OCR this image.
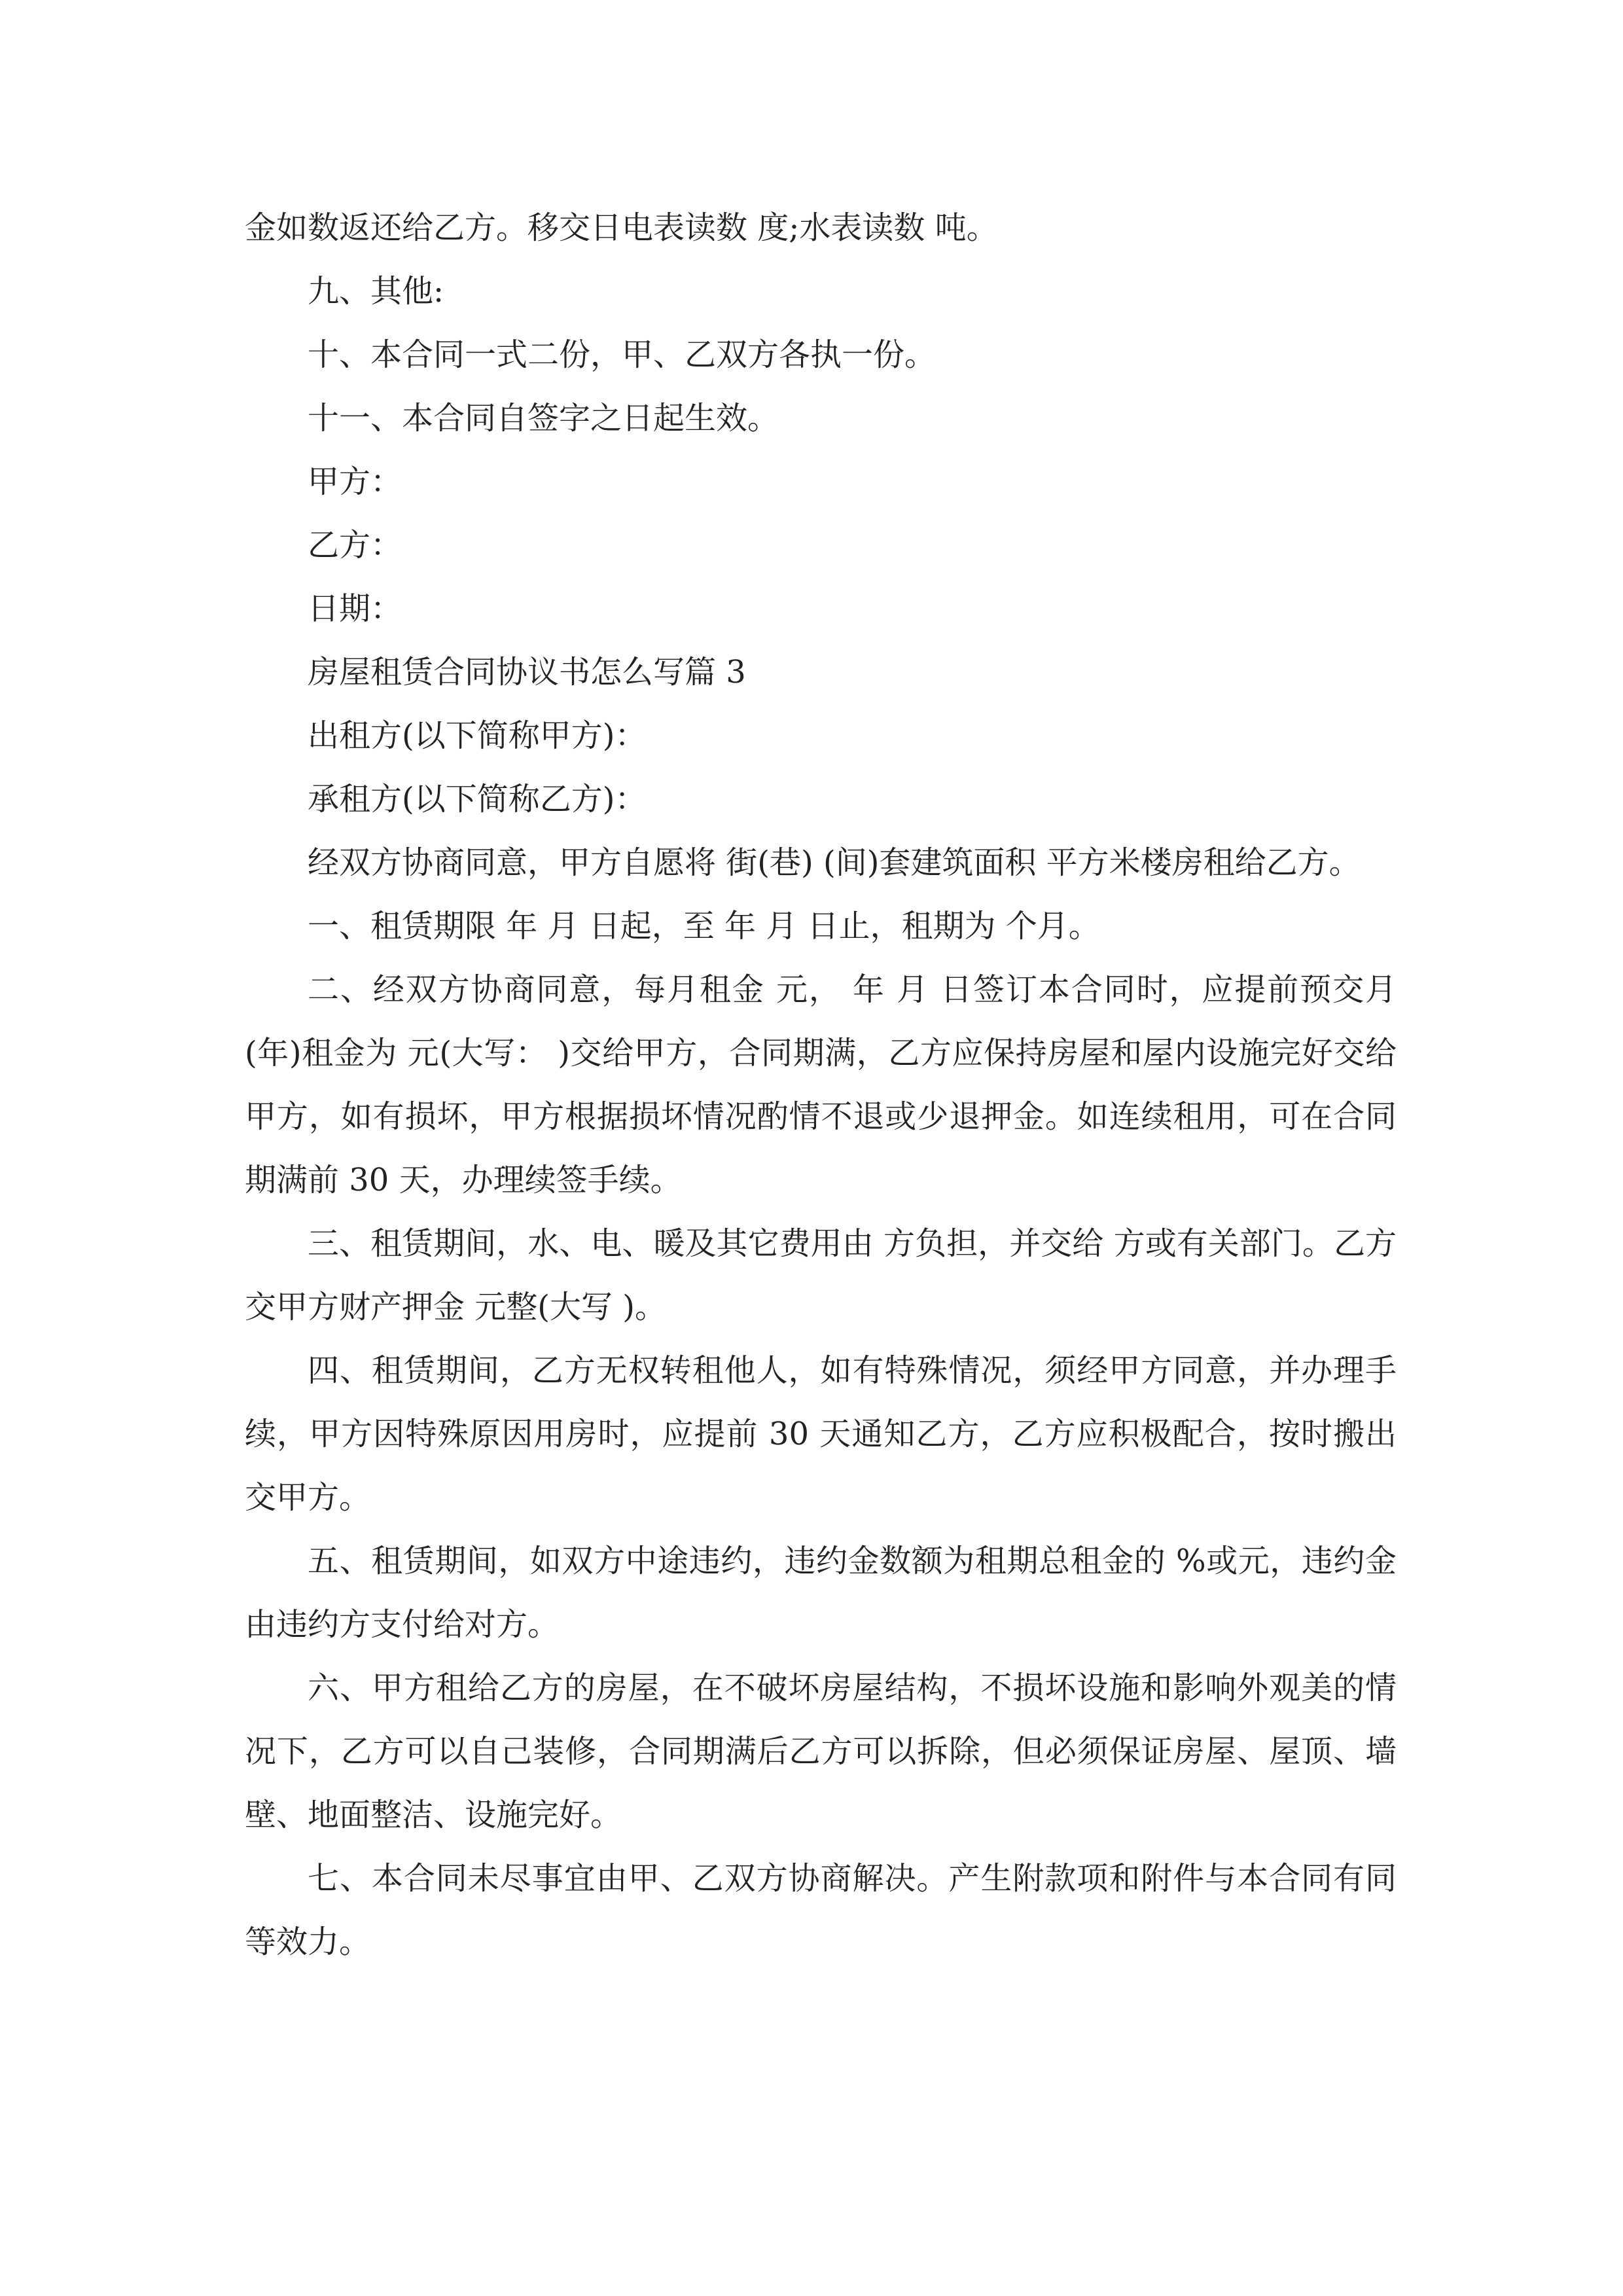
金如数返还给乙方。移交日电表读数 度;水表读数 吨。

九、其他:

十、本合同一式二份，甲、乙双方各执一份。

十一、本合同自签字之日起生效。

甲方：

乙方：

日期：

房屋租赁合同协议书怎么写篇 3

出租方(以下简称甲方)：

承租方(以下简称乙方)：

经双方协商同意，甲方自愿将 街(巷) (间)套建筑面积 平方米楼房租给乙方。

一、租赁期限 年 月 日起，至 年 月 日止，租期为 个月。

二、经双方协商同意，每月租金 元， 年 月 日签订本合同时，应提前预交月(年)租金为 元(大写： )交给甲方，合同期满，乙方应保持房屋和屋内设施完好交给甲方，如有损坏，甲方根据损坏情况酌情不退或少退押金。如连续租用，可在合同期满前 30 天，办理续签手续。

三、租赁期间，水、电、暖及其它费用由 方负担，并交给 方或有关部门。乙方交甲方财产押金 元整(大写 )。

四、租赁期间，乙方无权转租他人，如有特殊情况，须经甲方同意，并办理手续，甲方因特殊原因用房时，应提前 30 天通知乙方，乙方应积极配合，按时搬出交甲方。

五、租赁期间，如双方中途违约，违约金数额为租期总租金的 %或元，违约金由违约方支付给对方。

六、甲方租给乙方的房屋，在不破坏房屋结构，不损坏设施和影响外观美的情况下，乙方可以自己装修，合同期满后乙方可以拆除，但必须保证房屋、屋顶、墙壁、地面整洁、设施完好。

七、本合同未尽事宜由甲、乙双方协商解决。产生附款项和附件与本合同有同等效力。
